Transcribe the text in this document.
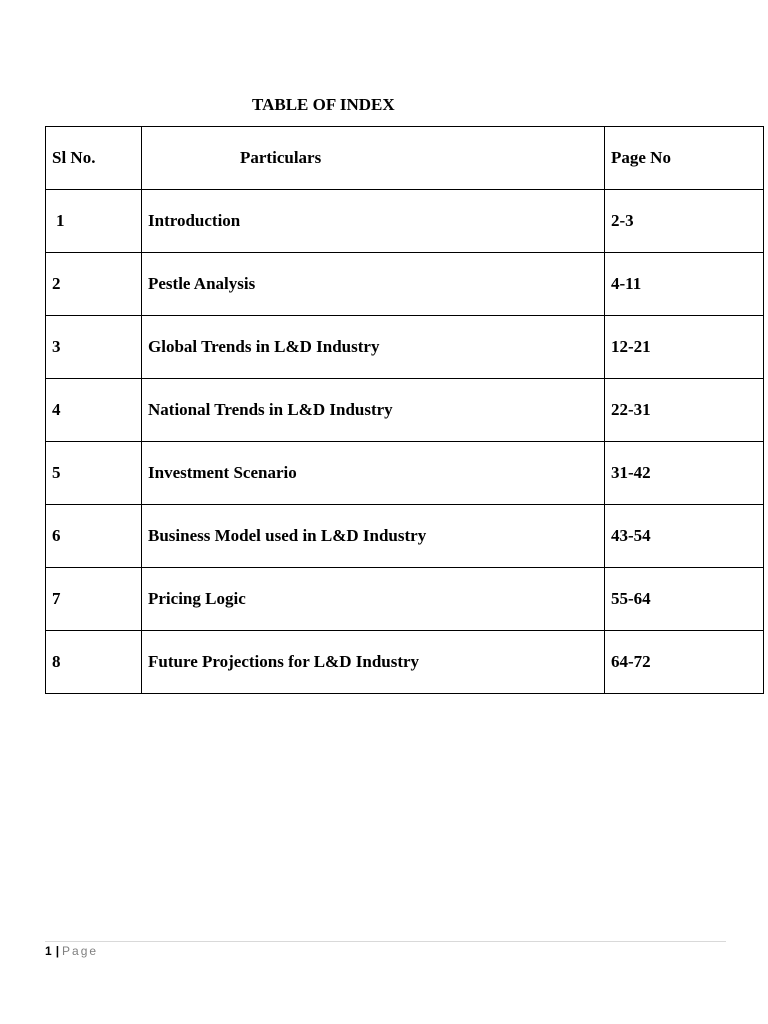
TABLE OF INDEX
Sl No.	Particulars	Page No
1	Introduction	2-3
2	Pestle Analysis	4-11
3	Global Trends in L&D Industry	12-21
4	National Trends in L&D Industry	22-31
5	Investment Scenario	31-42
6	Business Model used in L&D Industry	43-54
7	Pricing Logic	55-64
8	Future Projections for L&D Industry	64-72
1 | Page
